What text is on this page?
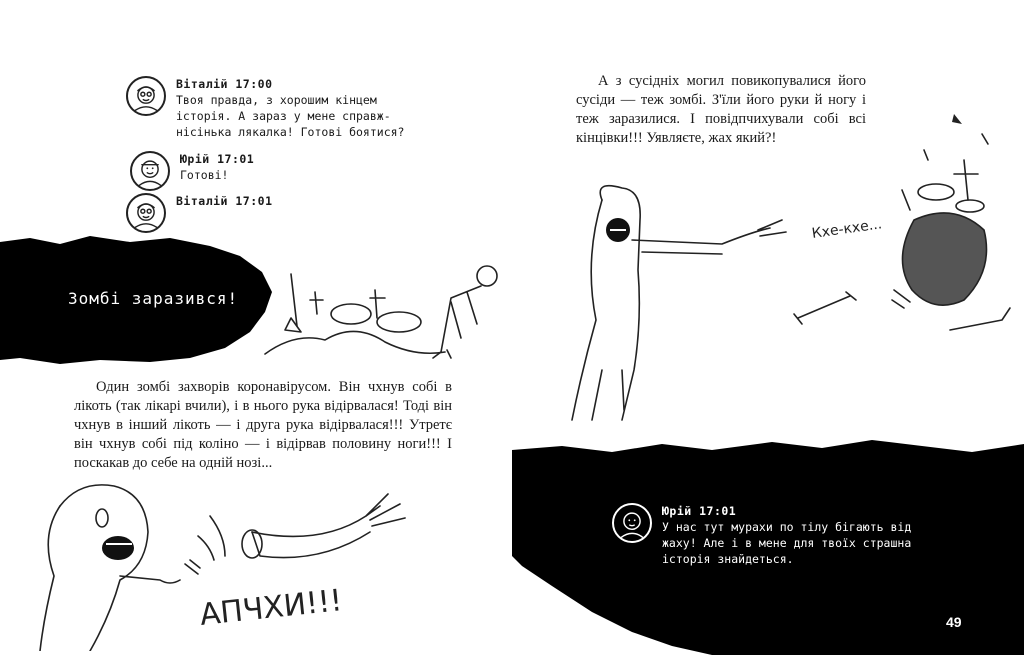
Віталій 17:00
Твоя правда, з хорошим кінцем
історія. А зараз у мене справж-
нісінька лякалка! Готові боятися?
Юрій 17:01
Готові!
Віталій 17:01
Зомбі заразився!

Один зомбі захворів коронавірусом. Він чхнув собі в лікоть (так лікарі вчили), і в нього рука відірвалася! Тоді він чхнув в інший лікоть — і друга рука відірвалася!!! Утретє він чхнув собі під коліно — і відірвав половину ноги!!! І поскакав до себе на одній нозі...

АПЧХИ!!!

А з сусідніх могил повикопувалися його сусіди — теж зомбі. З'їли його руки й ногу і теж заразилися. І повідпчихували собі всі кінцівки!!! Уявляєте, жах який?!

Кхе-кхе...
Юрій 17:01
У нас тут мурахи по тілу бігають від
жаху! Але і в мене для твоїх страшна
історія знайдеться.
49
